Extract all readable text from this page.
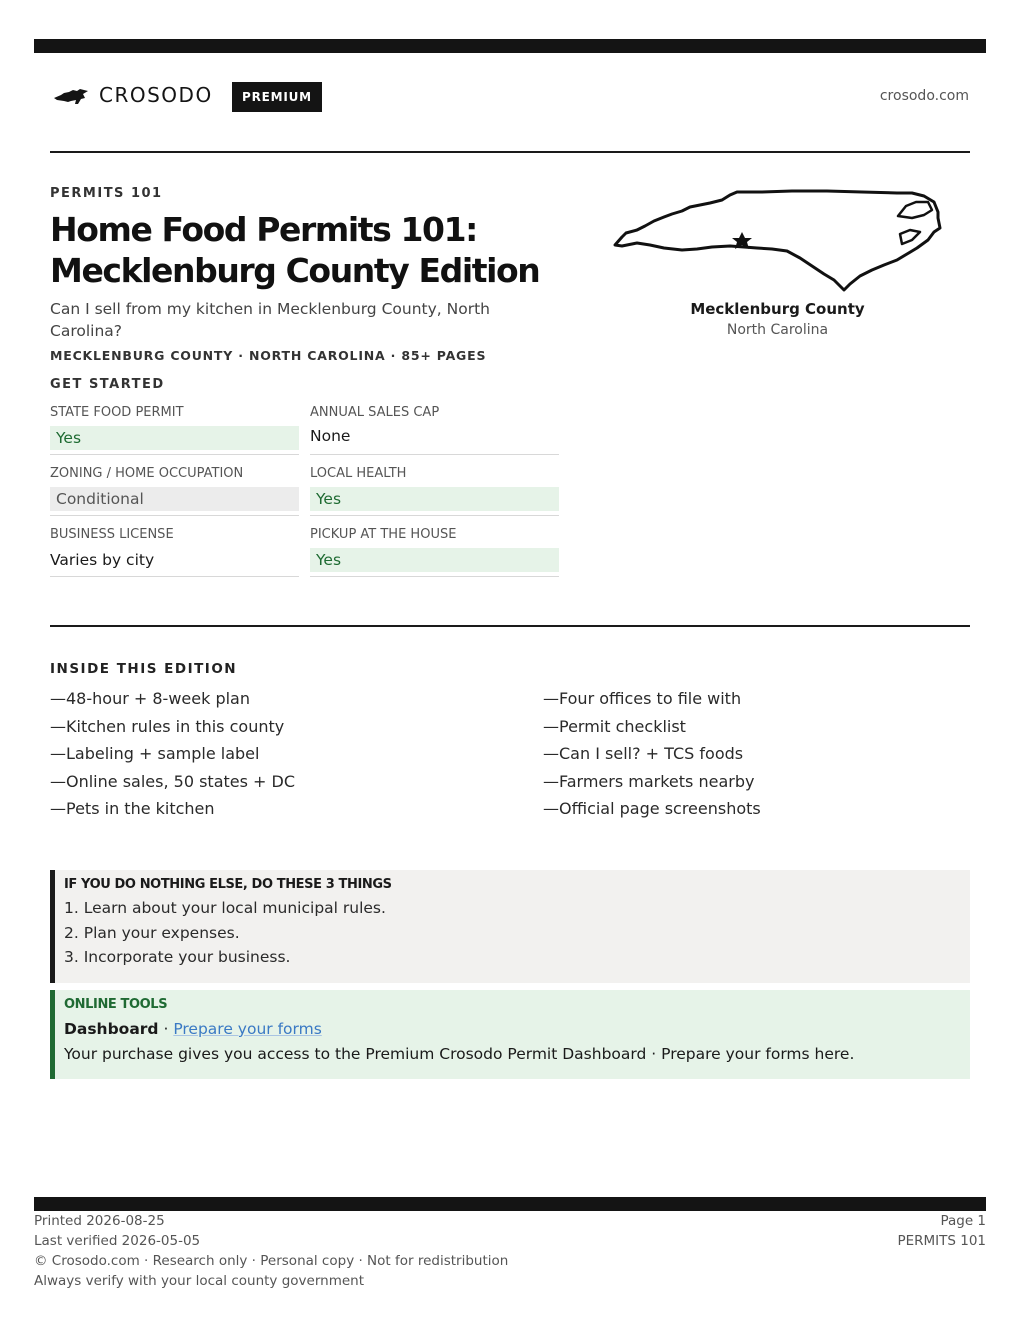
CROSODO	PREMIUM	crosodo.com
PERMITS 101
Home Food Permits 101:
Mecklenburg County Edition
Can I sell from my kitchen in Mecklenburg County, North Carolina?
MECKLENBURG COUNTY · NORTH CAROLINA · 85+ PAGES
GET STARTED
STATE FOOD PERMIT
Yes
ANNUAL SALES CAP
None
ZONING / HOME OCCUPATION
Conditional
LOCAL HEALTH
Yes
BUSINESS LICENSE
Varies by city
PICKUP AT THE HOUSE
Yes
Mecklenburg County
North Carolina
INSIDE THIS EDITION
—48-hour + 8-week plan
—Kitchen rules in this county
—Labeling + sample label
—Online sales, 50 states + DC
—Pets in the kitchen
—Four offices to file with
—Permit checklist
—Can I sell? + TCS foods
—Farmers markets nearby
—Official page screenshots
IF YOU DO NOTHING ELSE, DO THESE 3 THINGS
1. Learn about your local municipal rules.
2. Plan your expenses.
3. Incorporate your business.
ONLINE TOOLS
Dashboard · Prepare your forms
Your purchase gives you access to the Premium Crosodo Permit Dashboard · Prepare your forms here.
Printed 2026-08-25
Last verified 2026-05-05
© Crosodo.com · Research only · Personal copy · Not for redistribution
Always verify with your local county government
Page 1
PERMITS 101
